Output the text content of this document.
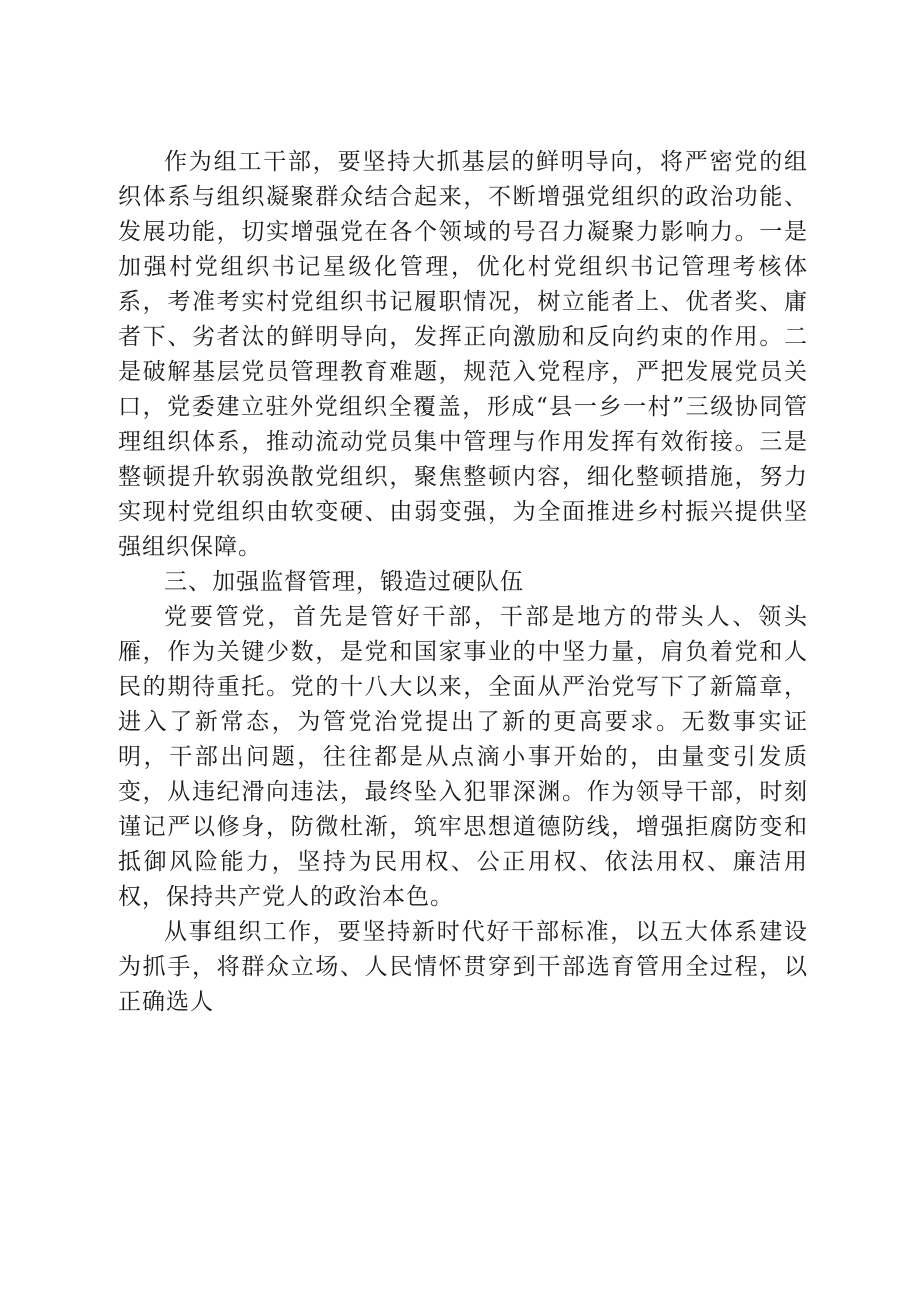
作为组工干部，要坚持大抓基层的鲜明导向，将严密党的组织体系与组织凝聚群众结合起来，不断增强党组织的政治功能、发展功能，切实增强党在各个领域的号召力凝聚力影响力。一是加强村党组织书记星级化管理，优化村党组织书记管理考核体系，考准考实村党组织书记履职情况，树立能者上、优者奖、庸者下、劣者汰的鲜明导向，发挥正向激励和反向约束的作用。二是破解基层党员管理教育难题，规范入党程序，严把发展党员关口，党委建立驻外党组织全覆盖，形成“县一乡一村”三级协同管理组织体系，推动流动党员集中管理与作用发挥有效衔接。三是整顿提升软弱涣散党组织，聚焦整顿内容，细化整顿措施，努力实现村党组织由软变硬、由弱变强，为全面推进乡村振兴提供坚强组织保障。

三、加强监督管理，锻造过硬队伍

党要管党，首先是管好干部，干部是地方的带头人、领头雁，作为关键少数，是党和国家事业的中坚力量，肩负着党和人民的期待重托。党的十八大以来，全面从严治党写下了新篇章，进入了新常态，为管党治党提出了新的更高要求。无数事实证明，干部出问题，往往都是从点滴小事开始的，由量变引发质变，从违纪滑向违法，最终坠入犯罪深渊。作为领导干部，时刻谨记严以修身，防微杜渐，筑牢思想道德防线，增强拒腐防变和抵御风险能力，坚持为民用权、公正用权、依法用权、廉洁用权，保持共产党人的政治本色。

从事组织工作，要坚持新时代好干部标准，以五大体系建设为抓手，将群众立场、人民情怀贯穿到干部选育管用全过程，以正确选人
